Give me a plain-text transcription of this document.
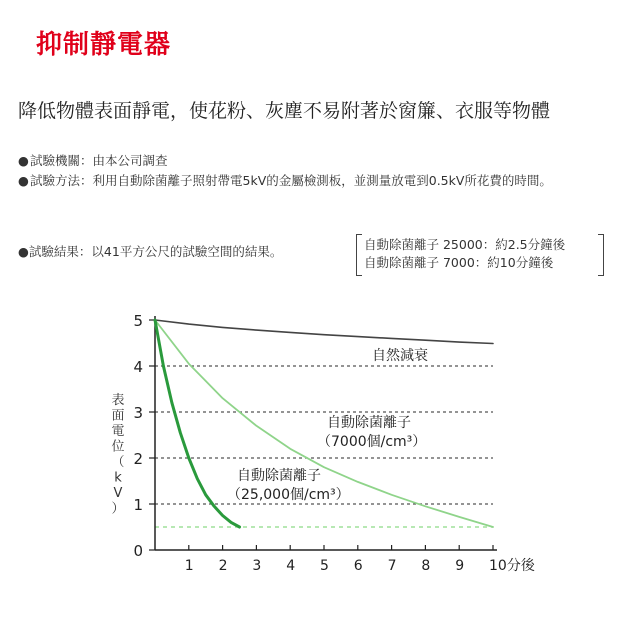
抑制靜電器
降低物體表面靜電，使花粉、灰塵不易附著於窗簾、衣服等物體
● 試驗機關：由本公司調查
● 試驗方法：利用自動除菌離子照射帶電5kV的金屬檢測板，並測量放電到0.5kV所花費的時間。
●試驗結果：以41平方公尺的試驗空間的結果。	自動除菌離子 25000：約2.5分鐘後
自動除菌離子 7000：約10分鐘後
0
1
2
3
4
5
1 2 3 4 5 6 7 8 9 10分後
表
面
電
位
（
k
V
）
自然減衰
自動除菌離子
（7000個/cm³）
自動除菌離子
（25,000個/cm³）
